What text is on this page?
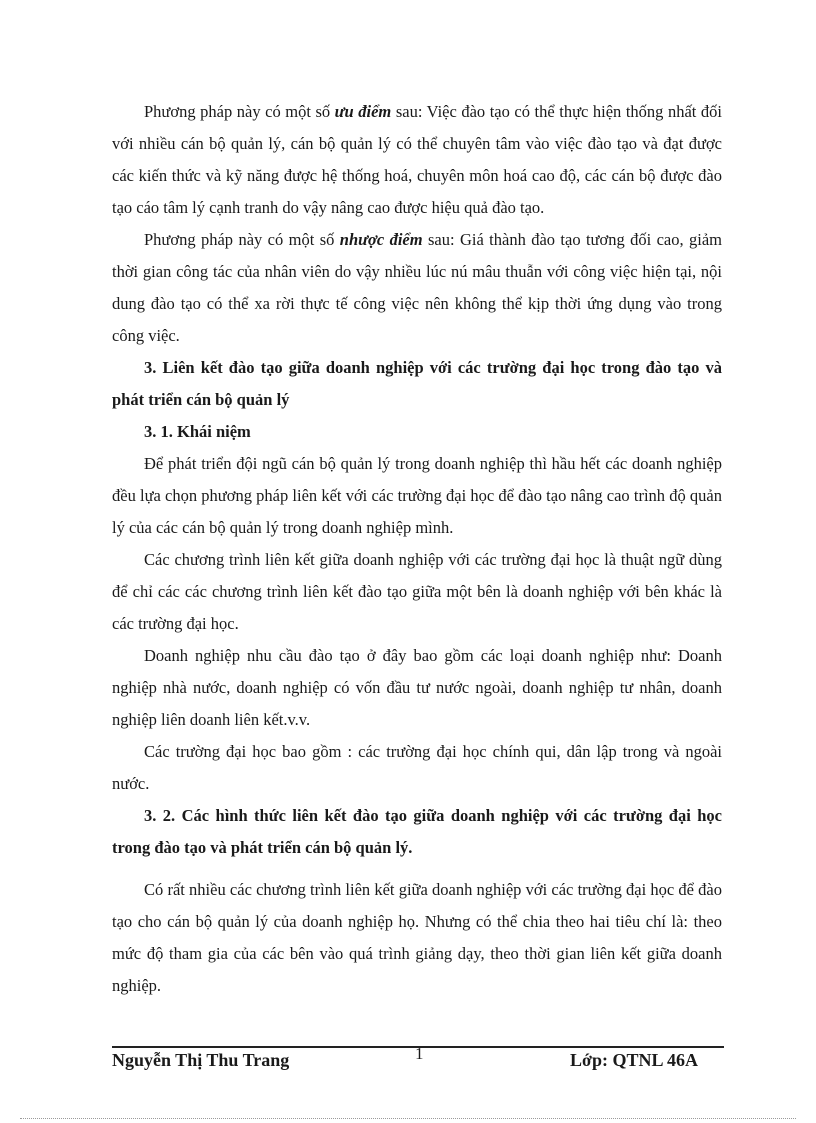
Phương pháp này có một số ưu điểm sau: Việc đào tạo có thể thực hiện thống nhất đối với nhiều cán bộ quản lý, cán bộ quản lý có thể chuyên tâm vào việc đào tạo và đạt được các kiến thức và kỹ năng được hệ thống hoá, chuyên môn hoá cao độ, các cán bộ được đào tạo cáo tâm lý cạnh tranh do vậy nâng cao được hiệu quả đào tạo.

Phương pháp này có một số nhược điểm sau: Giá thành đào tạo tương đối cao, giảm thời gian công tác của nhân viên do vậy nhiều lúc nú mâu thuẫn với công việc hiện tại, nội dung đào tạo có thể xa rời thực tế công việc nên không thể kịp thời ứng dụng vào trong công việc.

3. Liên kết đào tạo giữa doanh nghiệp với các trường đại học trong đào tạo và phát triển cán bộ quản lý

3. 1. Khái niệm

Để phát triển đội ngũ cán bộ quản lý trong doanh nghiệp thì hầu hết các doanh nghiệp đều lựa chọn phương pháp liên kết với các trường đại học để đào tạo nâng cao trình độ quản lý của các cán bộ quản lý trong doanh nghiệp mình.

Các chương trình liên kết giữa doanh nghiệp với các trường đại học là thuật ngữ dùng để chỉ các các chương trình liên kết đào tạo giữa một bên là doanh nghiệp với bên khác là các trường đại học.

Doanh nghiệp nhu cầu đào tạo ở đây bao gồm các loại doanh nghiệp như: Doanh nghiệp nhà nước, doanh nghiệp có vốn đầu tư nước ngoài, doanh nghiệp tư nhân, doanh nghiệp liên doanh liên kết.v.v.

Các trường đại học bao gồm : các trường đại học chính qui, dân lập trong và ngoài nước.

3. 2. Các hình thức liên kết đào tạo giữa doanh nghiệp với các trường đại học trong đào tạo và phát triển cán bộ quản lý.

Có rất nhiều các chương trình liên kết giữa doanh nghiệp với các trường đại học để đào tạo cho cán bộ quản lý của doanh nghiệp họ. Nhưng có thể chia theo hai tiêu chí là: theo mức độ tham gia của các bên vào quá trình giảng dạy, theo thời gian liên kết giữa doanh nghiệp.

Nguyễn Thị Thu Trang	1	Lớp: QTNL 46A
